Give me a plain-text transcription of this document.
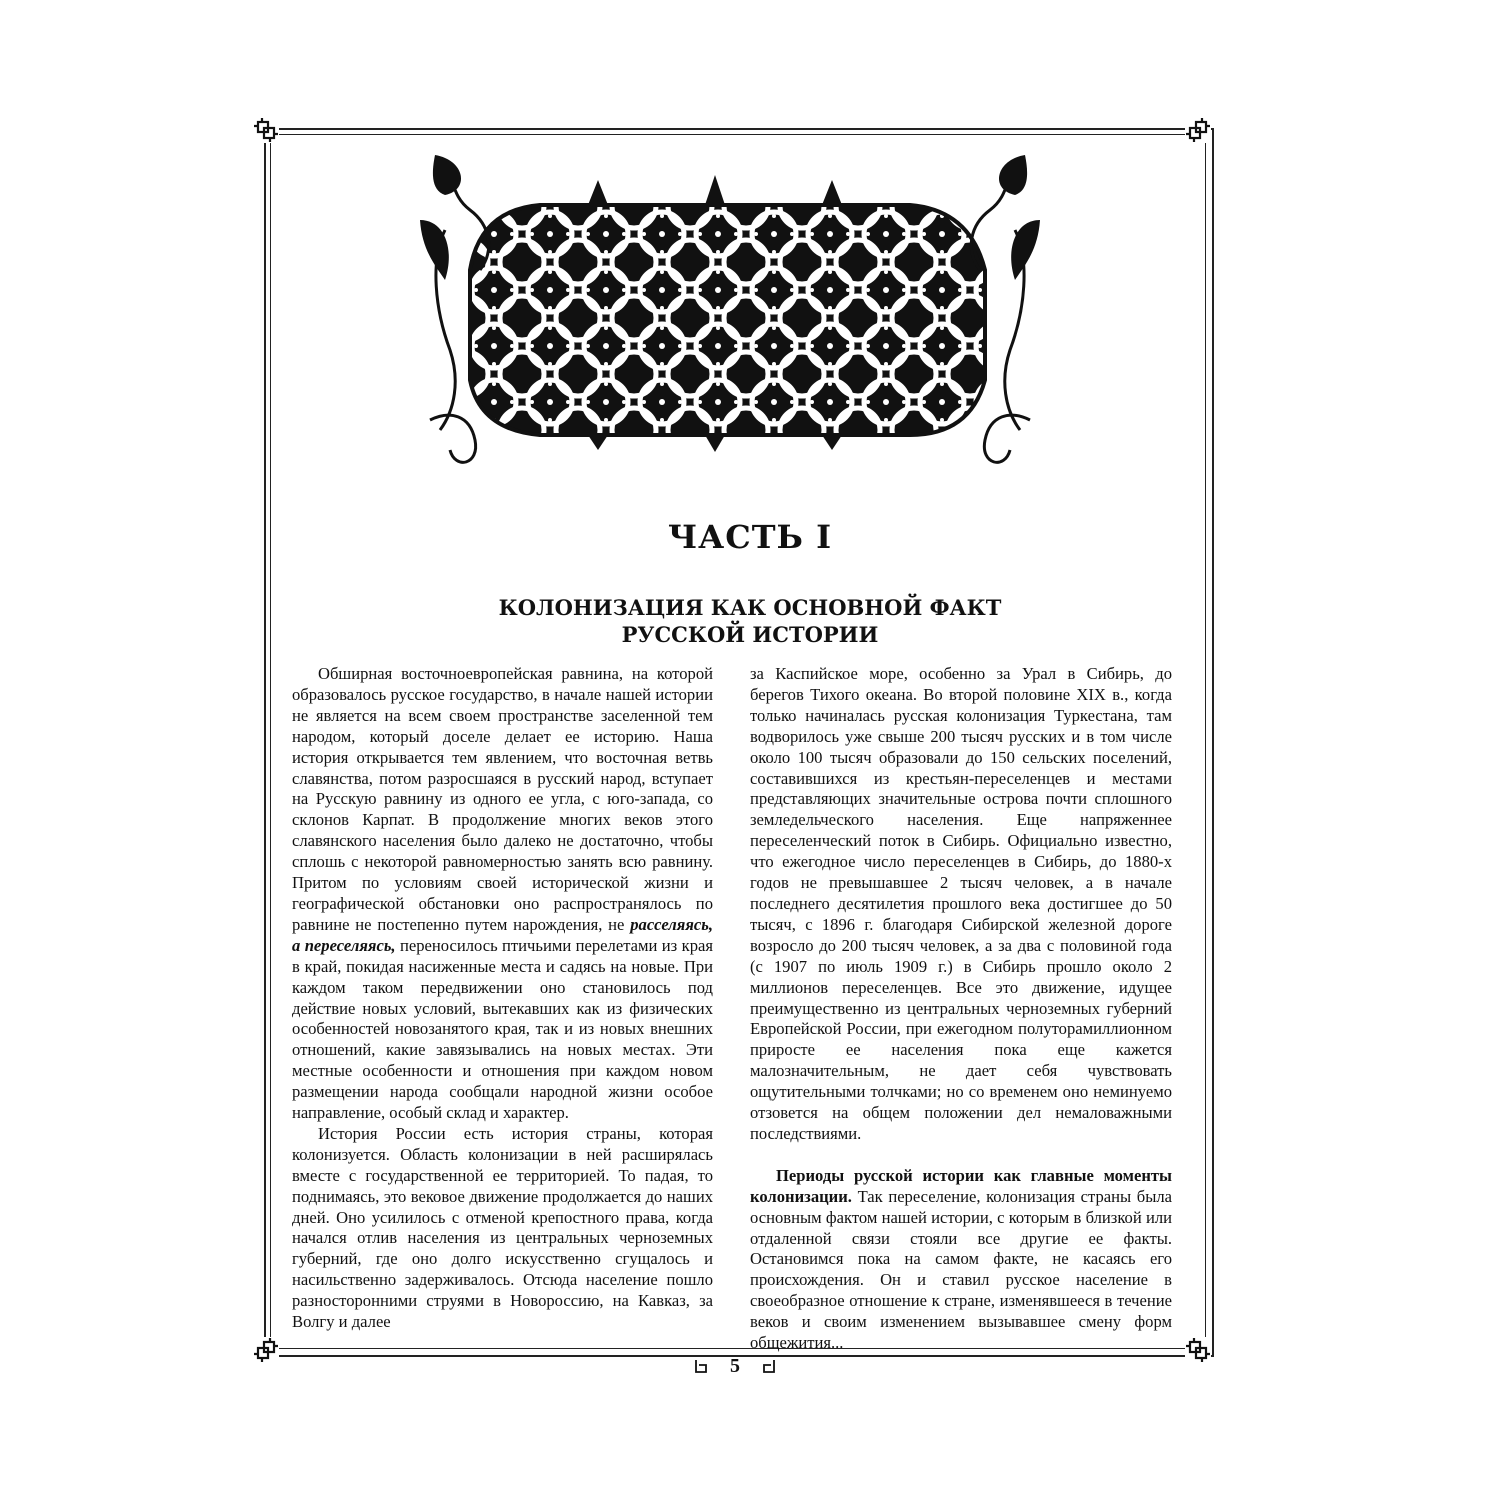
ЧАСТЬ I
КОЛОНИЗАЦИЯ КАК ОСНОВНОЙ ФАКТ
РУССКОЙ ИСТОРИИ

Обширная восточноевропейская равнина, на которой образовалось русское государство, в начале нашей истории не является на всем своем пространстве заселенной тем народом, который доселе делает ее историю. Наша история открывается тем явлением, что восточная ветвь славянства, потом разросшаяся в русский народ, вступает на Русскую равнину из одного ее угла, с юго-запада, со склонов Карпат. В продолжение многих веков этого славянского населения было далеко не достаточно, чтобы сплошь с некоторой равномерностью занять всю равнину. Притом по условиям своей исторической жизни и географической обстановки оно распространялось по равнине не постепенно путем нарождения, не расселяясь, а переселяясь, переносилось птичьими перелетами из края в край, покидая насиженные места и садясь на новые. При каждом таком передвижении оно становилось под действие новых условий, вытекавших как из физических особенностей новозанятого края, так и из новых внешних отношений, какие завязывались на новых местах. Эти местные особенности и отношения при каждом новом размещении народа сообщали народной жизни особое направление, особый склад и характер.

История России есть история страны, которая колонизуется. Область колонизации в ней расширялась вместе с государственной ее территорией. То падая, то поднимаясь, это вековое движение продолжается до наших дней. Оно усилилось с отменой крепостного права, когда начался отлив населения из центральных черноземных губерний, где оно долго искусственно сгущалось и насильственно задерживалось. Отсюда население пошло разносторонними струями в Новороссию, на Кавказ, за Волгу и далее

за Каспийское море, особенно за Урал в Сибирь, до берегов Тихого океана. Во второй половине XIX в., когда только начиналась русская колонизация Туркестана, там водворилось уже свыше 200 тысяч русских и в том числе около 100 тысяч образовали до 150 сельских поселений, составившихся из крестьян-переселенцев и местами представляющих значительные острова почти сплошного земледельческого населения. Еще напряженнее переселенческий поток в Сибирь. Официально известно, что ежегодное число переселенцев в Сибирь, до 1880-х годов не превышавшее 2 тысяч человек, а в начале последнего десятилетия прошлого века достигшее до 50 тысяч, с 1896 г. благодаря Сибирской железной дороге возросло до 200 тысяч человек, а за два с половиной года (с 1907 по июль 1909 г.) в Сибирь прошло около 2 миллионов переселенцев. Все это движение, идущее преимущественно из центральных черноземных губерний Европейской России, при ежегодном полуторамиллионном приросте ее населения пока еще кажется малозначительным, не дает себя чувствовать ощутительными толчками; но со временем оно неминуемо отзовется на общем положении дел немаловажными последствиями.

Периоды русской истории как главные моменты колонизации. Так переселение, колонизация страны была основным фактом нашей истории, с которым в близкой или отдаленной связи стояли все другие ее факты. Остановимся пока на самом факте, не касаясь его происхождения. Он и ставил русское население в своеобразное отношение к стране, изменявшееся в течение веков и своим изменением вызывавшее смену форм общежития...

5
